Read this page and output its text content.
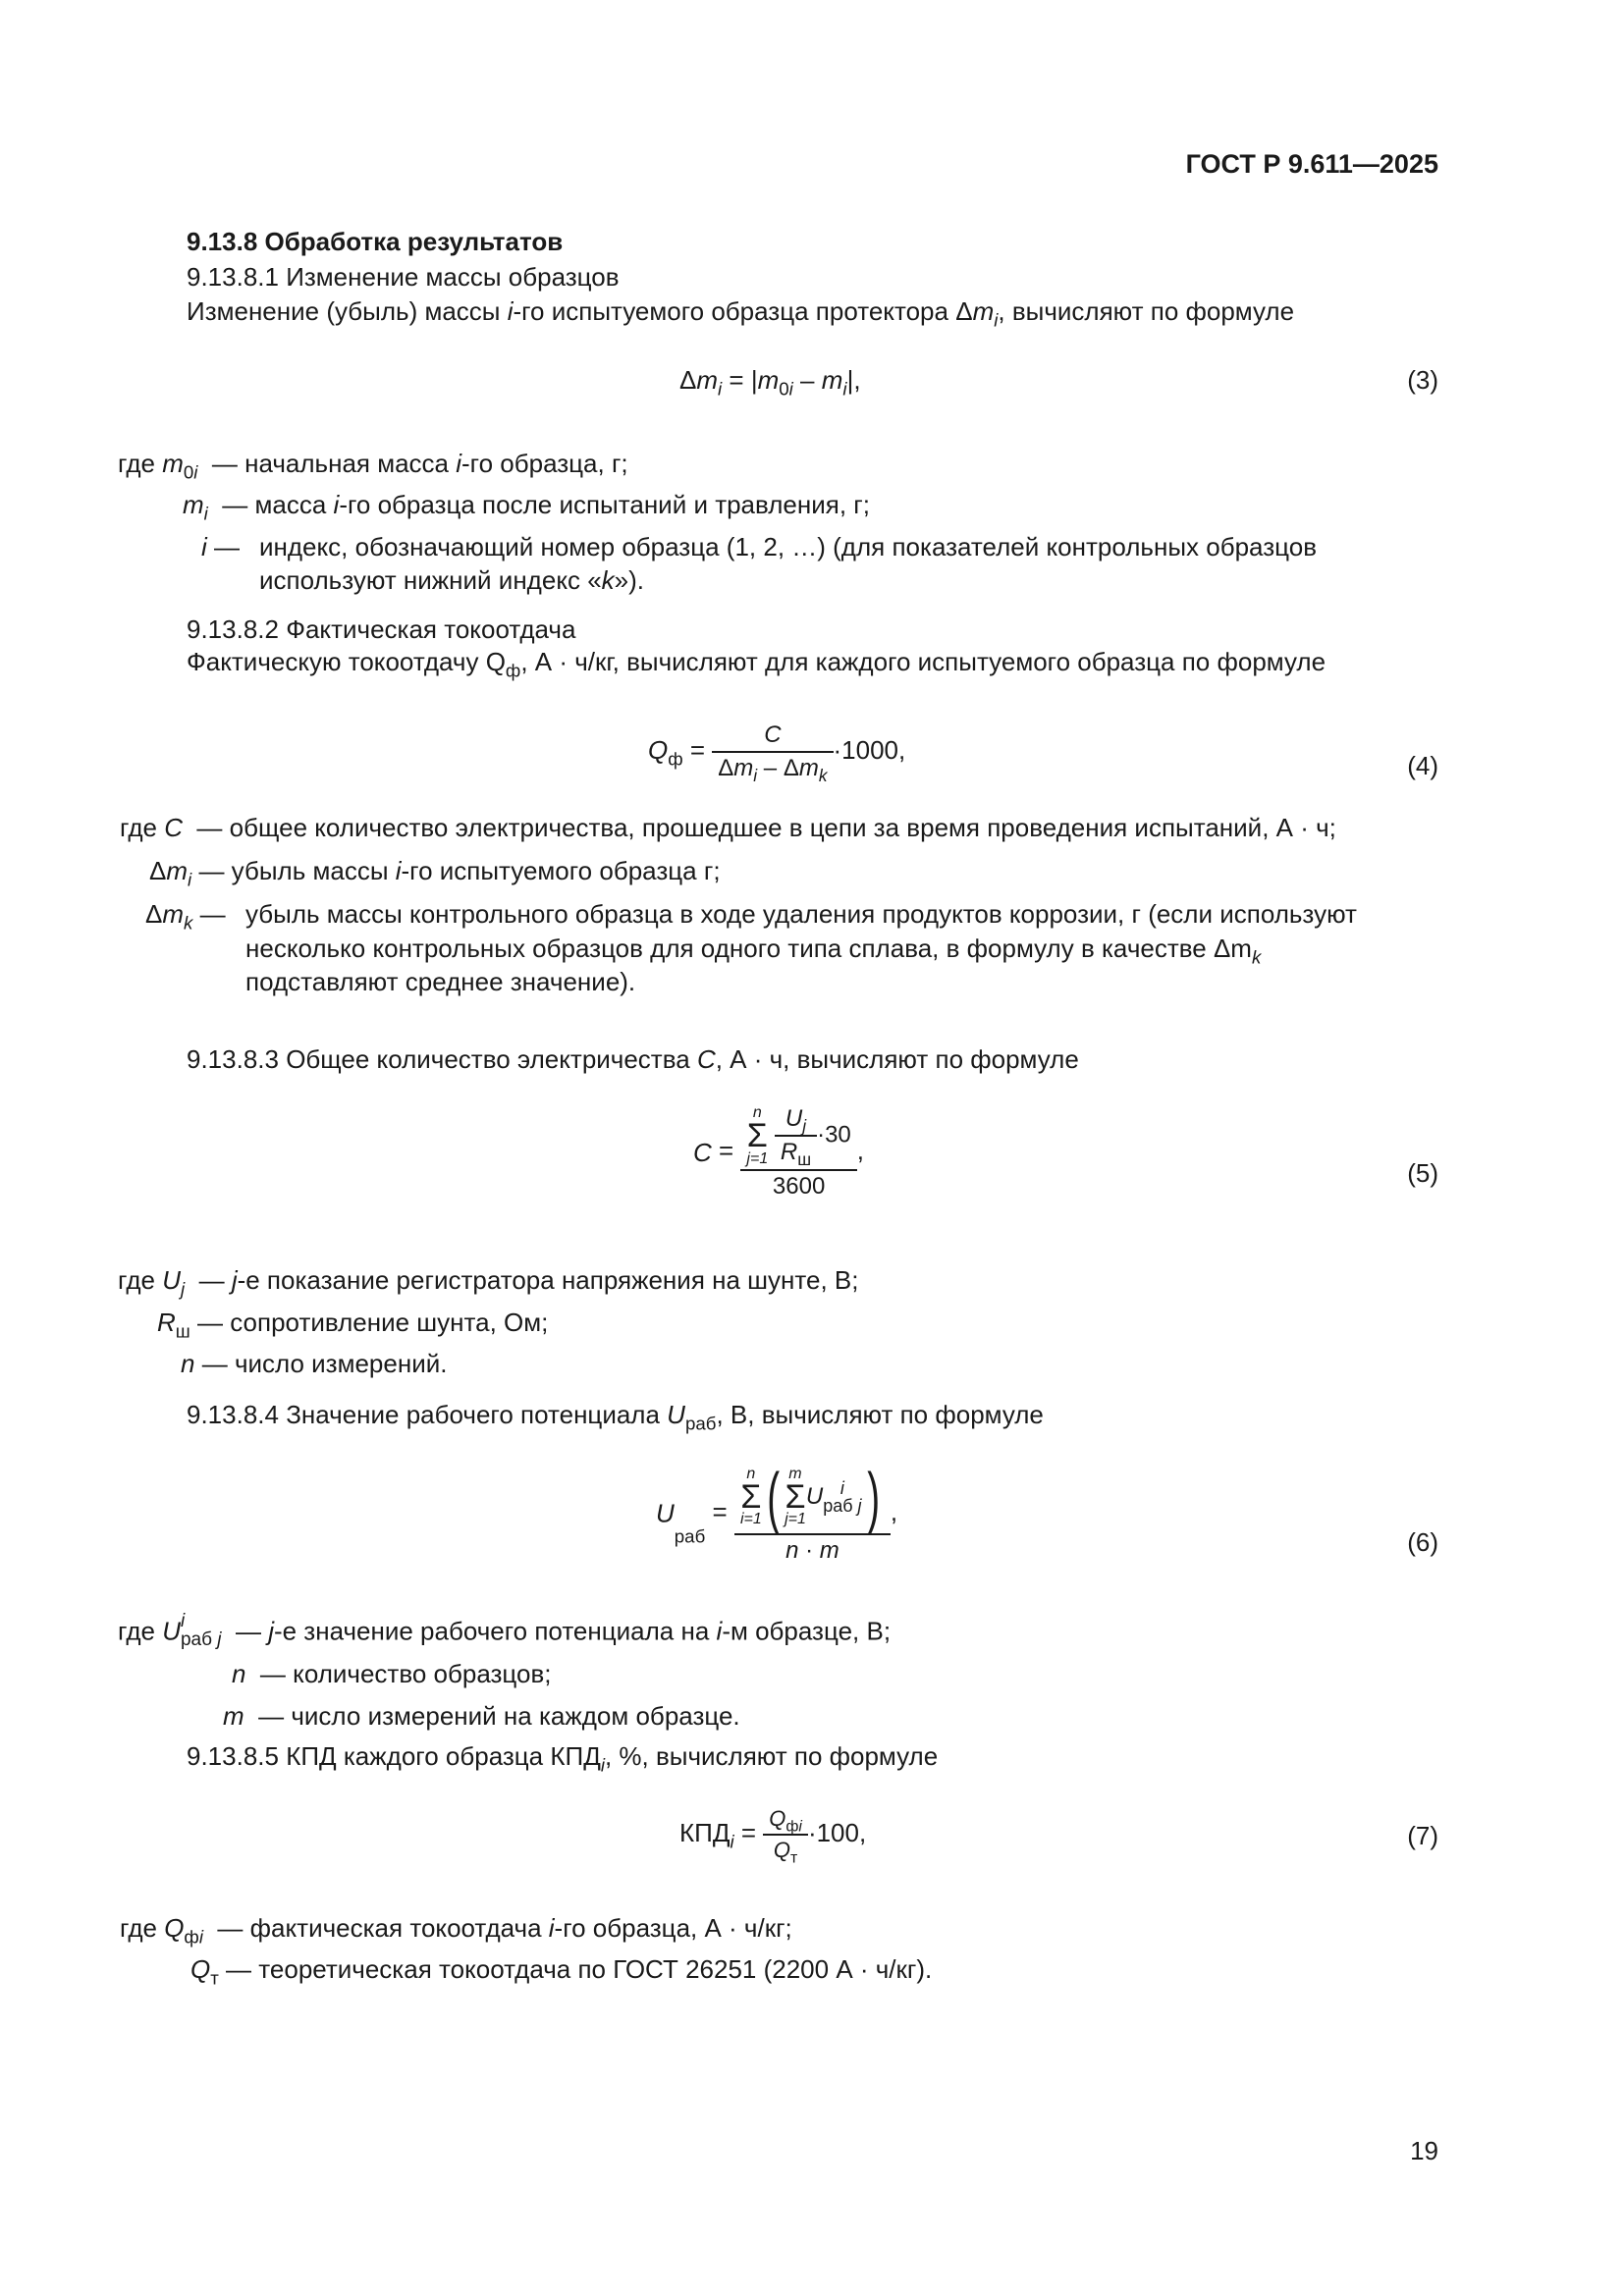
ГОСТ Р 9.611—2025
9.13.8 Обработка результатов
9.13.8.1 Изменение массы образцов
Изменение (убыль) массы i-го испытуемого образца протектора $\Delta m_i$, вычисляют по формуле
$\Delta m_i = |m_{0i} - m_i|$,	(3)
где $m_{0i}$ — начальная масса i-го образца, г;
$m_i$ — масса i-го образца после испытаний и травления, г;
i — индекс, обозначающий номер образца (1, 2, …) (для показателей контрольных образцов
используют нижний индекс «k»).
9.13.8.2 Фактическая токоотдача
Фактическую токоотдачу $Q_ф$, А · ч/кг, вычисляют для каждого испытуемого образца по формуле
$Q_ф = \frac{C}{\Delta m_i - \Delta m_k} \cdot 1000$,
(4)
где C — общее количество электричества, прошедшее в цепи за время проведения испытаний, А · ч;
$\Delta m_i$ — убыль массы i-го испытуемого образца г;
$\Delta m_k$ — убыль массы контрольного образца в ходе удаления продуктов коррозии, г (если используют
несколько контрольных образцов для одного типа сплава, в формулу в качестве $\Delta m_k$
подставляют среднее значение).
9.13.8.3 Общее количество электричества C, А · ч, вычисляют по формуле
C = n
Σ
j=1
$\frac{U_j}{R_ш} \cdot 30$
3600 ,
(5)
где $U_j$ — j-е показание регистратора напряжения на шунте, В;
$R_ш$ — сопротивление шунта, Ом;
n — число измерений.
9.13.8.4 Значение рабочего потенциала $U_{раб}$, В, вычисляют по формуле
$U_{раб} = n$
Σ
i=1 ( m
Σ
j=1
U i
раб j )
n · m ,
(6)
где U i
раб j — j-е значение рабочего потенциала на i-м образце, В;
n — количество образцов;
m — число измерений на каждом образце.
9.13.8.5 КПД каждого образца $КПД_i$, %, вычисляют по формуле
$КПД_i = \frac{Q_{фi}}{Q_т} \cdot 100$,	(7)
где $Q_{фi}$ — фактическая токоотдача i-го образца, А · ч/кг;
$Q_т$ — теоретическая токоотдача по ГОСТ 26251 (2200 А · ч/кг).
19
